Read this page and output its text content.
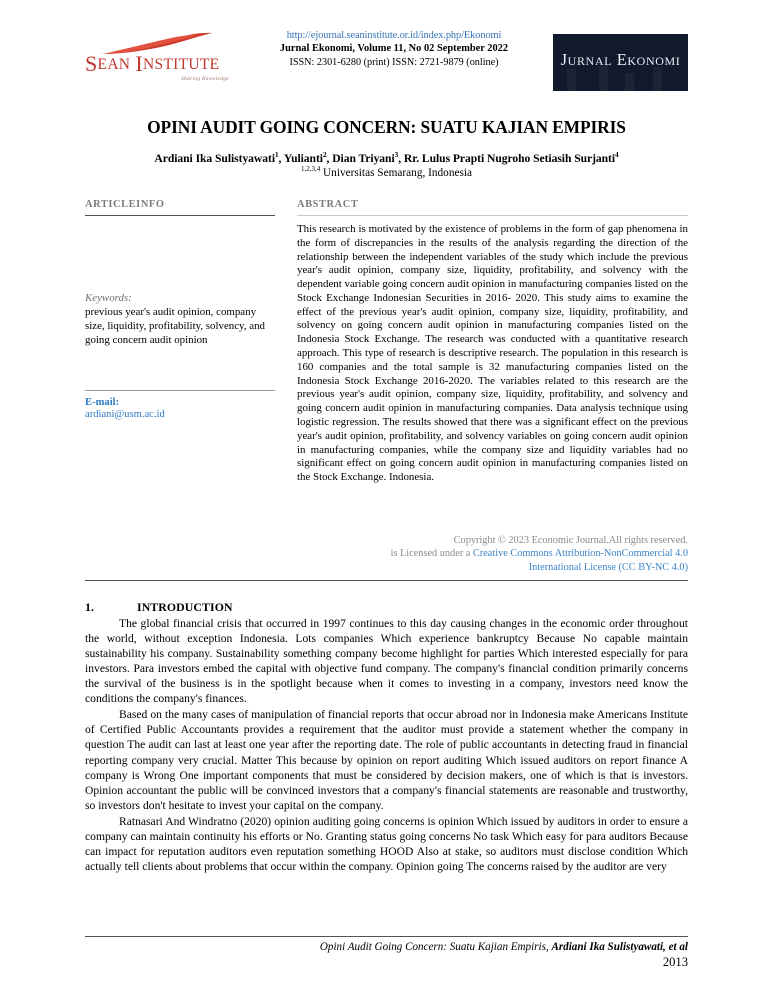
SEAN INSTITUTE
Sharing Knowledge
http://ejournal.seaninstitute.or.id/index.php/Ekonomi
Jurnal Ekonomi, Volume 11, No 02 September 2022
ISSN: 2301-6280 (print) ISSN: 2721-9879 (online)	Jurnal Ekonomi
OPINI AUDIT GOING CONCERN: SUATU KAJIAN EMPIRIS
Ardiani Ika Sulistyawati$^1$, Yulianti$^2$, Dian Triyani$^3$, Rr. Lulus Prapti Nugroho Setiasih Surjanti$^4$
$^{1,2,3,4}$ Universitas Semarang, Indonesia
ARTICLEINFO
Keywords:
previous year's audit opinion, company size, liquidity, profitability, solvency, and going concern audit opinion
E-mail:
ardiani@usm.ac.id
ABSTRACT
This research is motivated by the existence of problems in the form of gap phenomena in the form of discrepancies in the results of the analysis regarding the direction of the relationship between the independent variables of the study which include the previous year's audit opinion, company size, liquidity, profitability, and solvency with the dependent variable going concern audit opinion in manufacturing companies listed on the Stock Exchange Indonesian Securities in 2016- 2020. This study aims to examine the effect of the previous year's audit opinion, company size, liquidity, profitability, and solvency on going concern audit opinion in manufacturing companies listed on the Indonesia Stock Exchange. The research was conducted with a quantitative research approach. This type of research is descriptive research. The population in this research is 160 companies and the total sample is 32 manufacturing companies listed on the Indonesia Stock Exchange 2016-2020. The variables related to this research are the previous year's audit opinion, company size, liquidity, profitability, and solvency and going concern audit opinion in manufacturing companies. Data analysis technique using logistic regression. The results showed that there was a significant effect on the previous year's audit opinion, profitability, and solvency variables on going concern audit opinion in manufacturing companies, while the company size and liquidity variables had no significant effect on going concern audit opinion in manufacturing companies listed on the Stock Exchange. Indonesia.
Copyright © 2023 Economic Journal.All rights reserved.
is Licensed under a Creative Commons Attribution-NonCommercial 4.0
International License (CC BY-NC 4.0)
1.	INTRODUCTION

The global financial crisis that occurred in 1997 continues to this day causing changes in the economic order throughout the world, without exception Indonesia. Lots companies Which experience bankruptcy Because No capable maintain sustainability his company. Sustainability something company become highlight for parties Which interested especially for para investors. Para investors embed the capital with objective fund company. The company's financial condition primarily concerns the survival of the business is in the spotlight because when it comes to investing in a company, investors need know the conditions the company's finances.

Based on the many cases of manipulation of financial reports that occur abroad nor in Indonesia make Americans Institute of Certified Public Accountants provides a requirement that the auditor must provide a statement whether the company in question The audit can last at least one year after the reporting date. The role of public accountants in detecting fraud in financial reporting company very crucial. Matter This because by opinion on report auditing Which issued auditors on report finance A company is Wrong One important components that must be considered by decision makers, one of which is that is investors. Opinion accountant the public will be convinced investors that a company's financial statements are reasonable and trustworthy, so investors don't hesitate to invest your capital on the company.

Ratnasari And Windratno (2020) opinion auditing going concerns is opinion Which issued by auditors in order to ensure a company can maintain continuity his efforts or No. Granting status going concerns No task Which easy for para auditors Because can impact for reputation auditors even reputation something HOOD Also at stake, so auditors must disclose condition Which actually tell clients about problems that occur within the company. Opinion going The concerns raised by the auditor are very

Opini Audit Going Concern: Suatu Kajian Empiris, Ardiani Ika Sulistyawati, et al
2013
